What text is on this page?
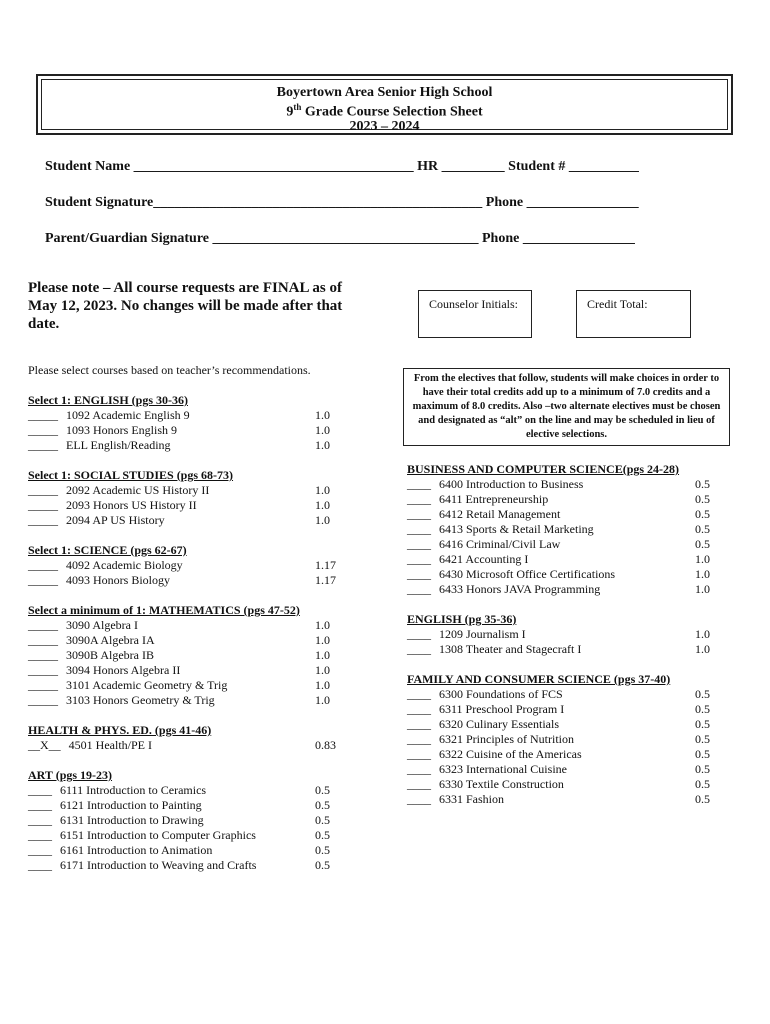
Boyertown Area Senior High School
9th Grade Course Selection Sheet
2023 – 2024
Student Name ________________________________________ HR _________ Student # __________
Student Signature_______________________________________________ Phone ________________
Parent/Guardian Signature ______________________________________ Phone ________________
Please note – All course requests are FINAL as of May 12, 2023. No changes will be made after that date.
Counselor Initials:	Credit Total:
Please select courses based on teacher’s recommendations.
From the electives that follow, students will make choices in order to have their total credits add up to a minimum of 7.0 credits and a maximum of 8.0 credits. Also –two alternate electives must be chosen and designated as “alt” on the line and may be scheduled in lieu of elective selections.
Select 1: ENGLISH (pgs 30-36)
_____ 1092 Academic English 9	1.0
_____ 1093 Honors English 9	1.0
_____ ELL English/Reading	1.0
Select 1: SOCIAL STUDIES (pgs 68-73)
_____ 2092 Academic US History II	1.0
_____ 2093 Honors US History II	1.0
_____ 2094 AP US History	1.0
Select 1: SCIENCE (pgs 62-67)
_____ 4092 Academic Biology	1.17
_____ 4093 Honors Biology	1.17
Select a minimum of 1: MATHEMATICS (pgs 47-52)
_____ 3090 Algebra I	1.0
_____ 3090A Algebra IA	1.0
_____ 3090B Algebra IB	1.0
_____ 3094 Honors Algebra II	1.0
_____ 3101 Academic Geometry & Trig	1.0
_____ 3103 Honors Geometry & Trig	1.0
HEALTH & PHYS. ED. (pgs 41-46)
__X__ 4501 Health/PE I	0.83
ART (pgs 19-23)
____ 6111 Introduction to Ceramics	0.5
____ 6121 Introduction to Painting	0.5
____ 6131 Introduction to Drawing	0.5
____ 6151 Introduction to Computer Graphics	0.5
____ 6161 Introduction to Animation	0.5
____ 6171 Introduction to Weaving and Crafts	0.5
BUSINESS AND COMPUTER SCIENCE(pgs 24-28)
____ 6400 Introduction to Business	0.5
____ 6411 Entrepreneurship	0.5
____ 6412 Retail Management	0.5
____ 6413 Sports & Retail Marketing	0.5
____ 6416 Criminal/Civil Law	0.5
____ 6421 Accounting I	1.0
____ 6430 Microsoft Office Certifications	1.0
____ 6433 Honors JAVA Programming	1.0
ENGLISH (pg 35-36)
____ 1209 Journalism I	1.0
____ 1308 Theater and Stagecraft I	1.0
FAMILY AND CONSUMER SCIENCE (pgs 37-40)
____ 6300 Foundations of FCS	0.5
____ 6311 Preschool Program I	0.5
____ 6320 Culinary Essentials	0.5
____ 6321 Principles of Nutrition	0.5
____ 6322 Cuisine of the Americas	0.5
____ 6323 International Cuisine	0.5
____ 6330 Textile Construction	0.5
____ 6331 Fashion	0.5
